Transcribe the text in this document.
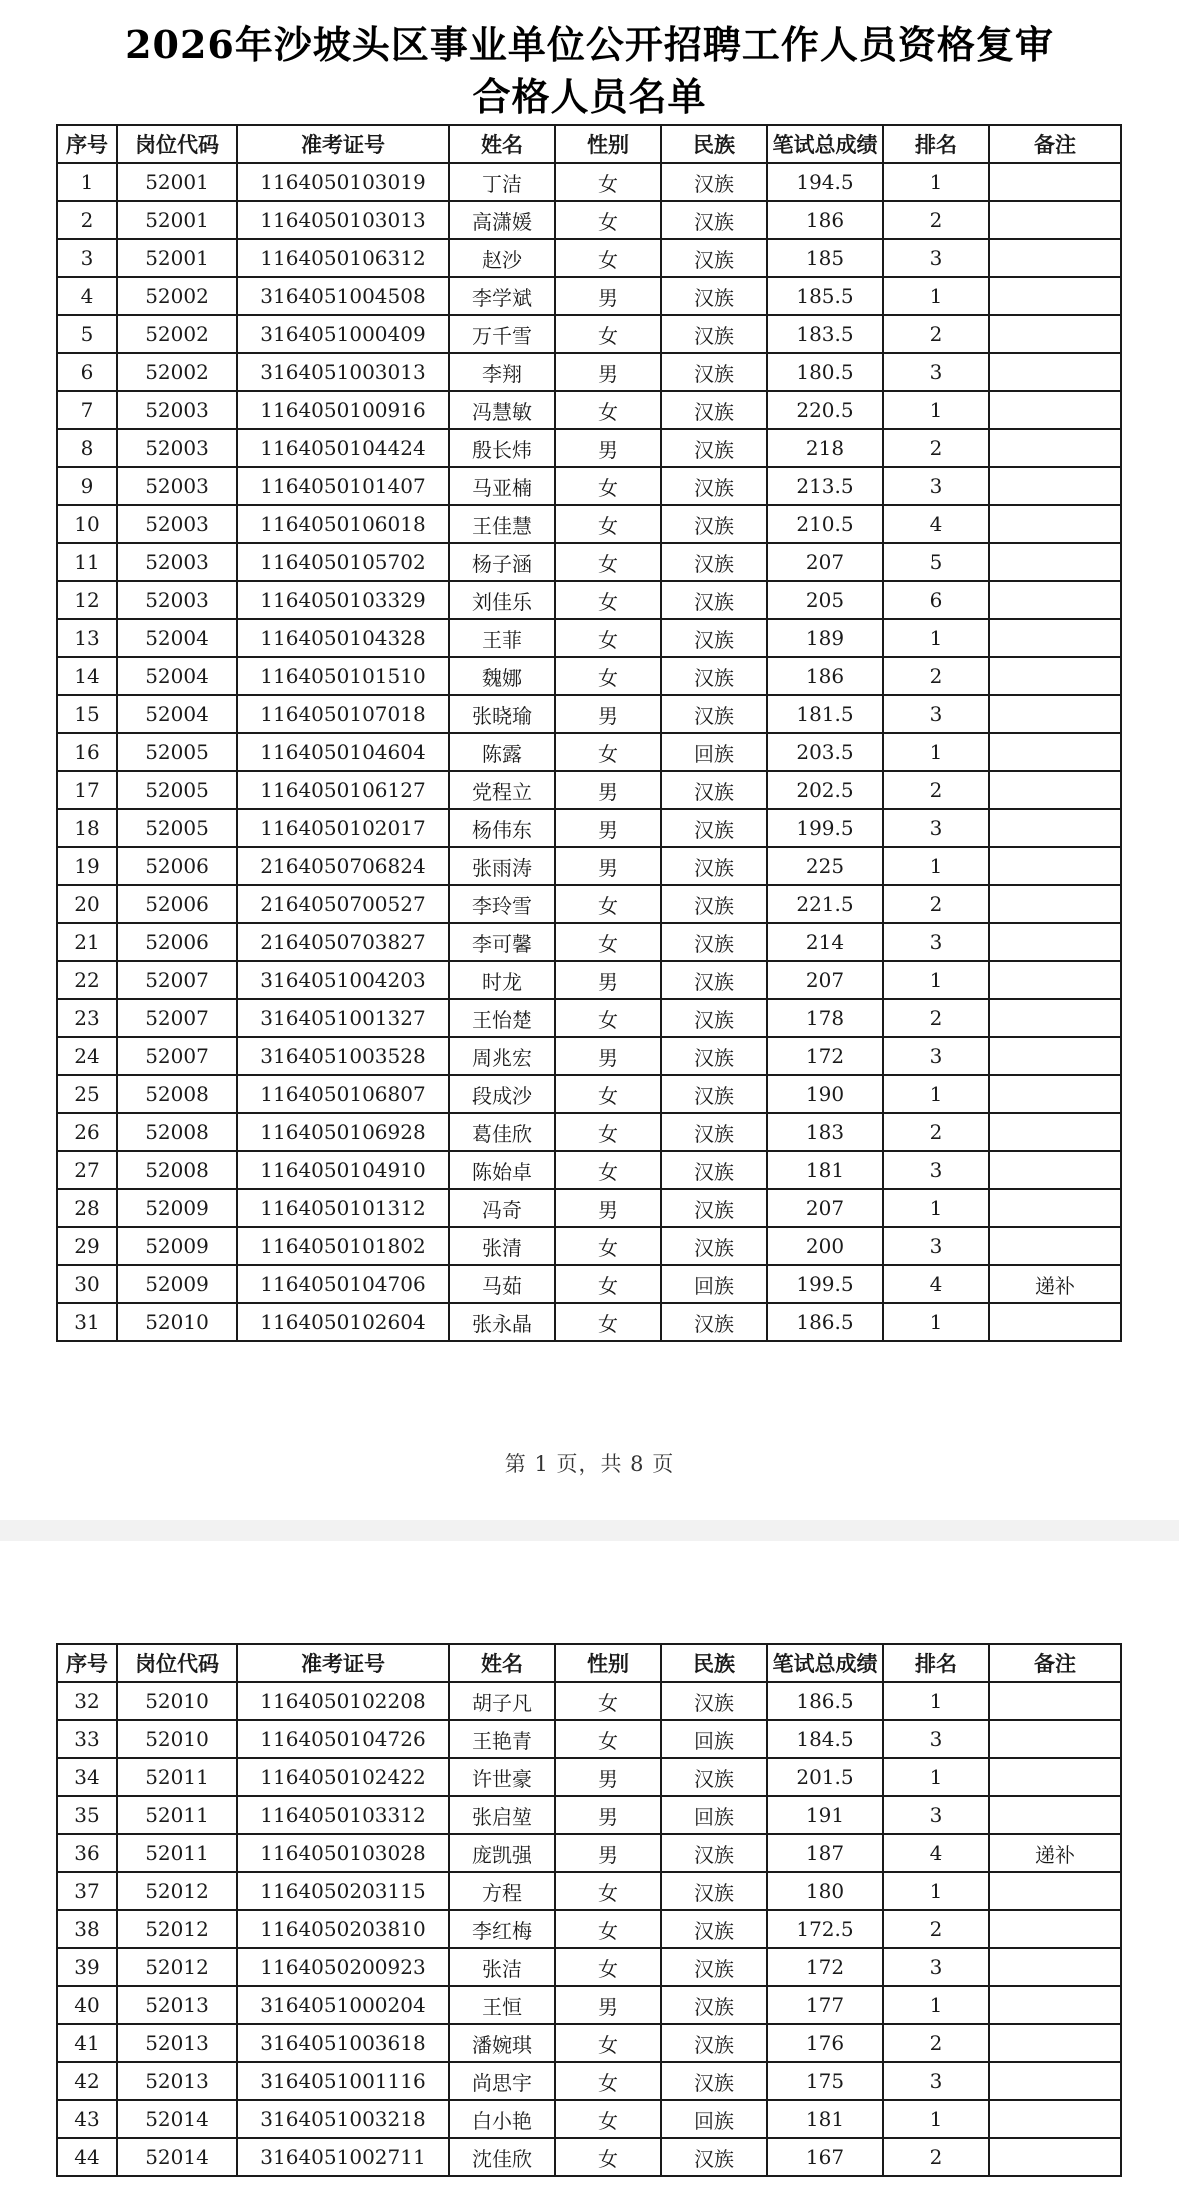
2026年沙坡头区事业单位公开招聘工作人员资格复审
合格人员名单
序号	岗位代码	准考证号	姓名	性别	民族	笔试总成绩	排名	备注
1	52001	1164050103019	丁洁	女	汉族	194.5	1	
2	52001	1164050103013	高潇媛	女	汉族	186	2	
3	52001	1164050106312	赵沙	女	汉族	185	3	
4	52002	3164051004508	李学斌	男	汉族	185.5	1	
5	52002	3164051000409	万千雪	女	汉族	183.5	2	
6	52002	3164051003013	李翔	男	汉族	180.5	3	
7	52003	1164050100916	冯慧敏	女	汉族	220.5	1	
8	52003	1164050104424	殷长炜	男	汉族	218	2	
9	52003	1164050101407	马亚楠	女	汉族	213.5	3	
10	52003	1164050106018	王佳慧	女	汉族	210.5	4	
11	52003	1164050105702	杨子涵	女	汉族	207	5	
12	52003	1164050103329	刘佳乐	女	汉族	205	6	
13	52004	1164050104328	王菲	女	汉族	189	1	
14	52004	1164050101510	魏娜	女	汉族	186	2	
15	52004	1164050107018	张晓瑜	男	汉族	181.5	3	
16	52005	1164050104604	陈露	女	回族	203.5	1	
17	52005	1164050106127	党程立	男	汉族	202.5	2	
18	52005	1164050102017	杨伟东	男	汉族	199.5	3	
19	52006	2164050706824	张雨涛	男	汉族	225	1	
20	52006	2164050700527	李玲雪	女	汉族	221.5	2	
21	52006	2164050703827	李可馨	女	汉族	214	3	
22	52007	3164051004203	时龙	男	汉族	207	1	
23	52007	3164051001327	王怡楚	女	汉族	178	2	
24	52007	3164051003528	周兆宏	男	汉族	172	3	
25	52008	1164050106807	段成沙	女	汉族	190	1	
26	52008	1164050106928	葛佳欣	女	汉族	183	2	
27	52008	1164050104910	陈始卓	女	汉族	181	3	
28	52009	1164050101312	冯奇	男	汉族	207	1	
29	52009	1164050101802	张清	女	汉族	200	3	
30	52009	1164050104706	马茹	女	回族	199.5	4	递补
31	52010	1164050102604	张永晶	女	汉族	186.5	1	
第 1 页，共 8 页
序号	岗位代码	准考证号	姓名	性别	民族	笔试总成绩	排名	备注
32	52010	1164050102208	胡子凡	女	汉族	186.5	1	
33	52010	1164050104726	王艳青	女	回族	184.5	3	
34	52011	1164050102422	许世豪	男	汉族	201.5	1	
35	52011	1164050103312	张启堃	男	回族	191	3	
36	52011	1164050103028	庞凯强	男	汉族	187	4	递补
37	52012	1164050203115	方程	女	汉族	180	1	
38	52012	1164050203810	李红梅	女	汉族	172.5	2	
39	52012	1164050200923	张洁	女	汉族	172	3	
40	52013	3164051000204	王恒	男	汉族	177	1	
41	52013	3164051003618	潘婉琪	女	汉族	176	2	
42	52013	3164051001116	尚思宇	女	汉族	175	3	
43	52014	3164051003218	白小艳	女	回族	181	1	
44	52014	3164051002711	沈佳欣	女	汉族	167	2	
